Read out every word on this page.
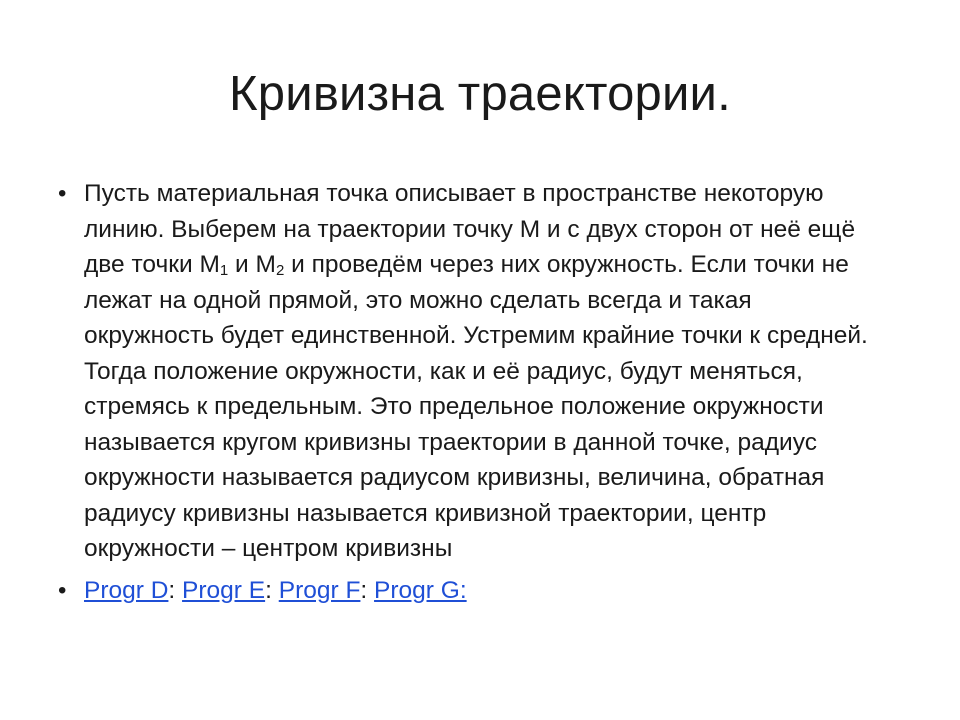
Кривизна траектории.
• Пусть материальная точка описывает в пространстве некоторую линию. Выберем на траектории точку М и с двух сторон от неё ещё две точки $М_1$ и $М_2$ и проведём через них окружность. Если точки не лежат на одной прямой, это можно сделать всегда и такая окружность будет единственной. Устремим крайние точки к средней. Тогда положение окружности, как и её радиус, будут меняться, стремясь к предельным. Это предельное положение окружности называется кругом кривизны траектории в данной точке, радиус окружности называется радиусом кривизны, величина, обратная радиусу кривизны называется кривизной траектории, центр окружности – центром кривизны
• Progr D: Progr E: Progr F: Progr G:
